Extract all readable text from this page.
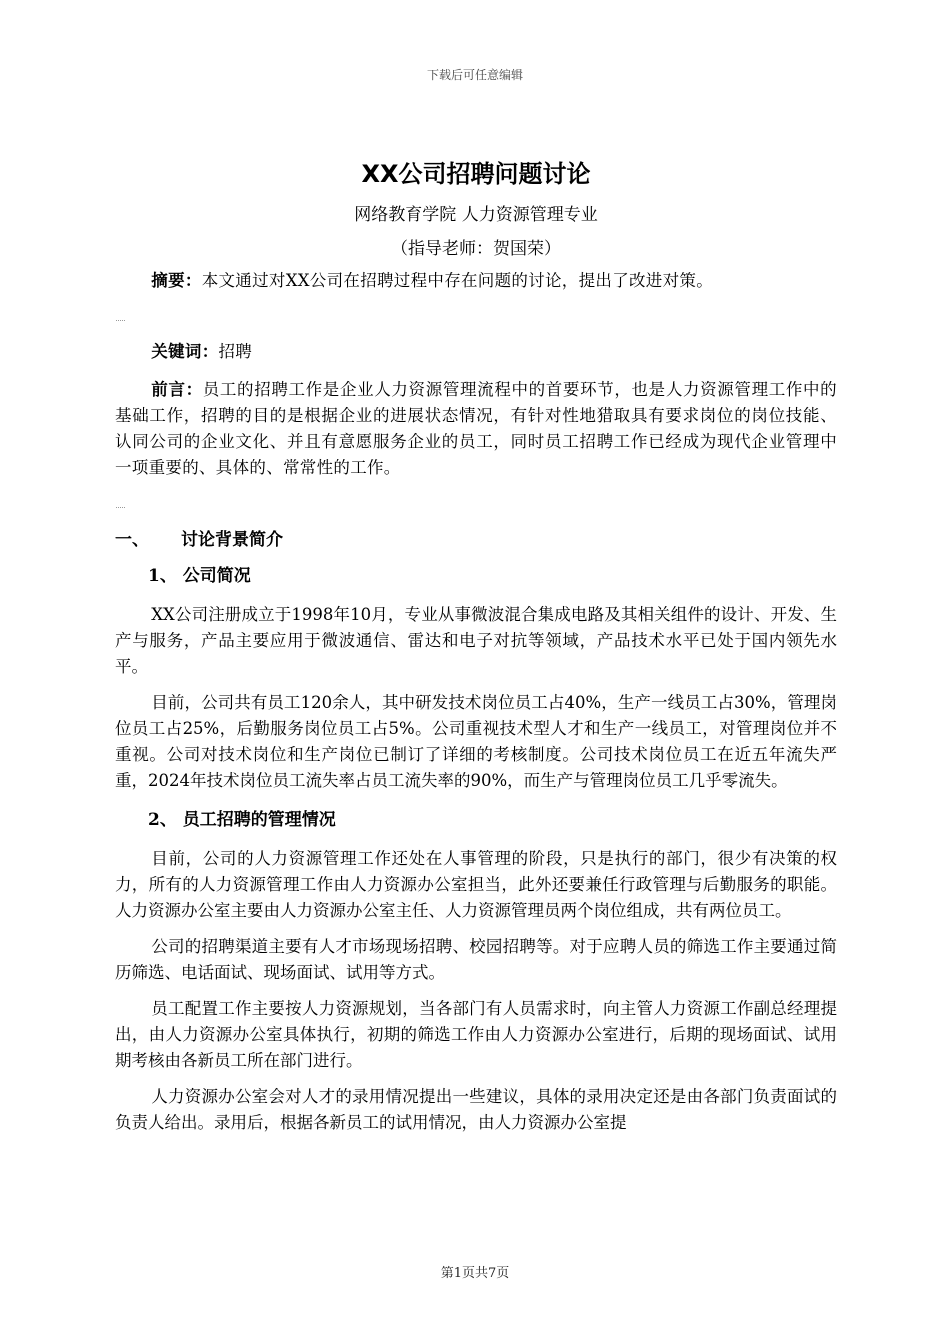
下载后可任意编辑
XX公司招聘问题讨论

网络教育学院 人力资源管理专业

（指导老师：贺国荣）

摘要：本文通过对XX公司在招聘过程中存在问题的讨论，提出了改进对策。

关键词：招聘

前言：员工的招聘工作是企业人力资源管理流程中的首要环节，也是人力资源管理工作中的基础工作，招聘的目的是根据企业的进展状态情况，有针对性地猎取具有要求岗位的岗位技能、认同公司的企业文化、并且有意愿服务企业的员工，同时员工招聘工作已经成为现代企业管理中一项重要的、具体的、常常性的工作。

一、	讨论背景简介
1、 公司简况

XX公司注册成立于1998年10月，专业从事微波混合集成电路及其相关组件的设计、开发、生产与服务，产品主要应用于微波通信、雷达和电子对抗等领域，产品技术水平已处于国内领先水平。

目前，公司共有员工120余人，其中研发技术岗位员工占40%，生产一线员工占30%，管理岗位员工占25%，后勤服务岗位员工占5%。公司重视技术型人才和生产一线员工，对管理岗位并不重视。公司对技术岗位和生产岗位已制订了详细的考核制度。公司技术岗位员工在近五年流失严重，2024年技术岗位员工流失率占员工流失率的90%，而生产与管理岗位员工几乎零流失。

2、 员工招聘的管理情况

目前，公司的人力资源管理工作还处在人事管理的阶段，只是执行的部门，很少有决策的权力，所有的人力资源管理工作由人力资源办公室担当，此外还要兼任行政管理与后勤服务的职能。人力资源办公室主要由人力资源办公室主任、人力资源管理员两个岗位组成，共有两位员工。

公司的招聘渠道主要有人才市场现场招聘、校园招聘等。对于应聘人员的筛选工作主要通过简历筛选、电话面试、现场面试、试用等方式。

员工配置工作主要按人力资源规划，当各部门有人员需求时，向主管人力资源工作副总经理提出，由人力资源办公室具体执行，初期的筛选工作由人力资源办公室进行，后期的现场面试、试用期考核由各新员工所在部门进行。

人力资源办公室会对人才的录用情况提出一些建议，具体的录用决定还是由各部门负责面试的负责人给出。录用后，根据各新员工的试用情况，由人力资源办公室提

第1页共7页
